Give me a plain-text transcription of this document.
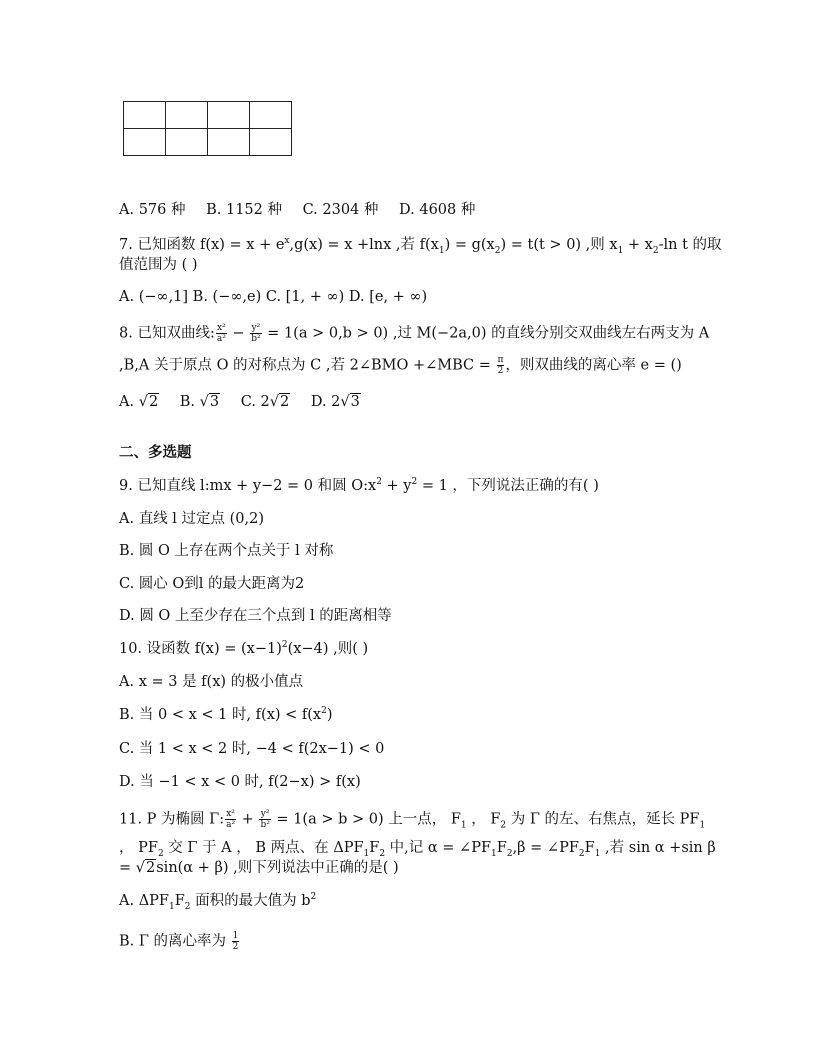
A. 576 种 B. 1152 种 C. 2304 种 D. 4608 种
7. 已知函数 $f(x) = x + e^x,g(x) = x +\ln x$ ,若 $f(x_1) = g(x_2) = t(t > 0)$ ,则 $x_1 + x_2-\ln$ t 的取
值范围为 ( )
A. (−∞,1] B. (−∞,e) C. [1, + ∞) D. [e, + ∞)
8. 已知双曲线: $\frac{\text{x²}}{\text{a²}} - \frac{\text{y²}}{\text{b²}} = 1(a > 0,b > 0)$ ,过 M(−2a,0) 的直线分别交双曲线左右两支为 A
,B,A 关于原点 O 的对称点为 C ,若 2∠BMO +∠MBC = $\frac{\pi}{2}$ ，则双曲线的离心率 e = ()
A. √2 B. √3 C. 2√2 D. 2√3
二、多选题
9. 已知直线 l:mx + y−2 = 0 和圆 $O:x^2 + y^2 = 1$ ，下列说法正确的有( )
A. 直线 l 过定点 (0,2)
B. 圆 O 上存在两个点关于 l 对称
C. 圆心 O到l 的最大距离为2
D. 圆 O 上至少存在三个点到 l 的距离相等
10. 设函数 $f(x) = (x-1)^2(x-4)$ ,则( )
A. x = 3 是 f(x) 的极小值点
B. 当 0 < x < 1 时, $f(x) < f(x^2)$
C. 当 1 < x < 2 时, −4 < f(2x−1) < 0
D. 当 −1 < x < 0 时, f(2−x) > f(x)
11. P 为椭圆 Γ: $\frac{\text{x²}}{\text{a²}} + \frac{\text{y²}}{\text{b²}} = 1(a > b > 0)$ 上一点， $F_1$ ， $F_2$ 为 Γ 的左、右焦点，延长 $PF_1$
， $PF_2$ 交 Γ 于 A ， B 两点、在 $\Delta PF_1F_2$ 中,记 $\alpha = \angle PF_1F_2,\beta$ = $\angle PF_2F_1$ ,若 sin α +sin β
= √2sin(α + β) ,则下列说法中正确的是( )
A. $\Delta PF_1F_2$ 面积的最大值为 $b^2$
B. Γ 的离心率为 $\frac{1}{2}$
